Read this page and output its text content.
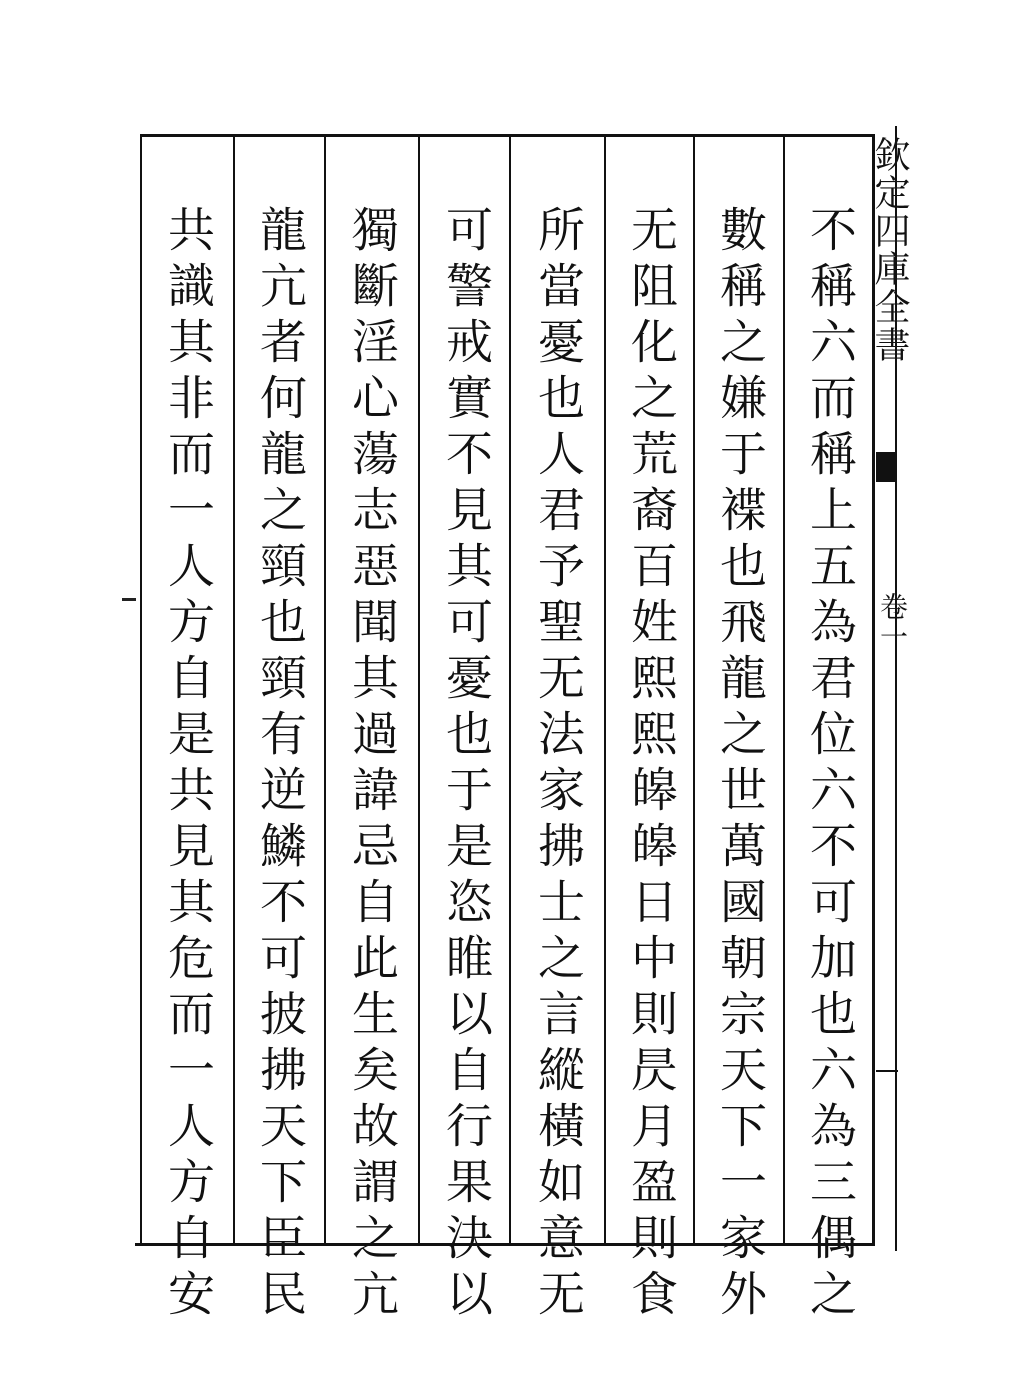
欽定四庫全書
卷一
不稱六而稱上五為君位六不可加也六為三偶之
數稱之嫌于褋也飛龍之世萬國朝宗天下一家外
无阻化之荒裔百姓熙熙皞皞日中則昃月盈則食
所當憂也人君予聖无法家拂士之言縱橫如意无
可警戒實不見其可憂也于是恣睢以自行果決以
獨斷淫心蕩志惡聞其過諱忌自此生矣故謂之亢
龍亢者何龍之頸也頸有逆鱗不可披拂天下臣民
共識其非而一人方自是共見其危而一人方自安
